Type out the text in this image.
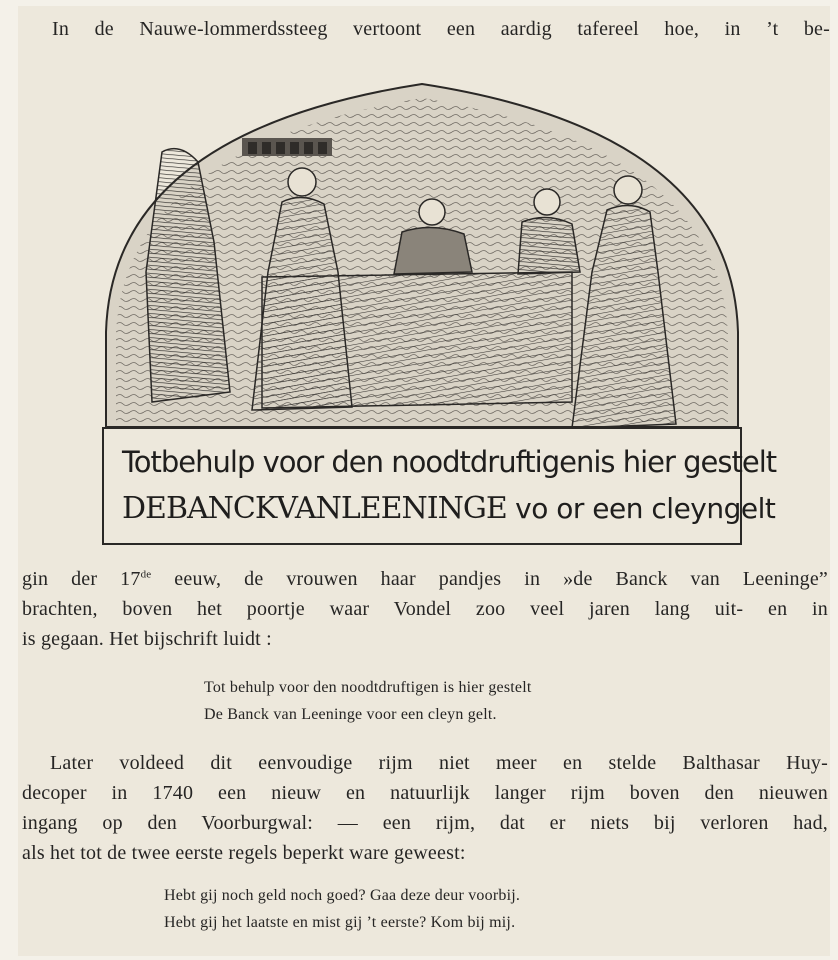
In de Nauwe-lommerdssteeg vertoont een aardig tafereel hoe, in ’t be-
Totbehulp voor den noodtdruftigenis hier gestelt
DEBANCKVANLEENINGE vo or een cleyngelt
gin der 17de eeuw, de vrouwen haar pandjes in »de Banck van Leeninge”
brachten, boven het poortje waar Vondel zoo veel jaren lang uit- en in
is gegaan. Het bijschrift luidt :
Tot behulp voor den noodtdruftigen is hier gestelt
De Banck van Leeninge voor een cleyn gelt.
Later voldeed dit eenvoudige rijm niet meer en stelde Balthasar Huy-
decoper in 1740 een nieuw en natuurlijk langer rijm boven den nieuwen
ingang op den Voorburgwal: — een rijm, dat er niets bij verloren had,
als het tot de twee eerste regels beperkt ware geweest:
Hebt gij noch geld noch goed? Gaa deze deur voorbij.
Hebt gij het laatste en mist gij ’t eerste? Kom bij mij.
